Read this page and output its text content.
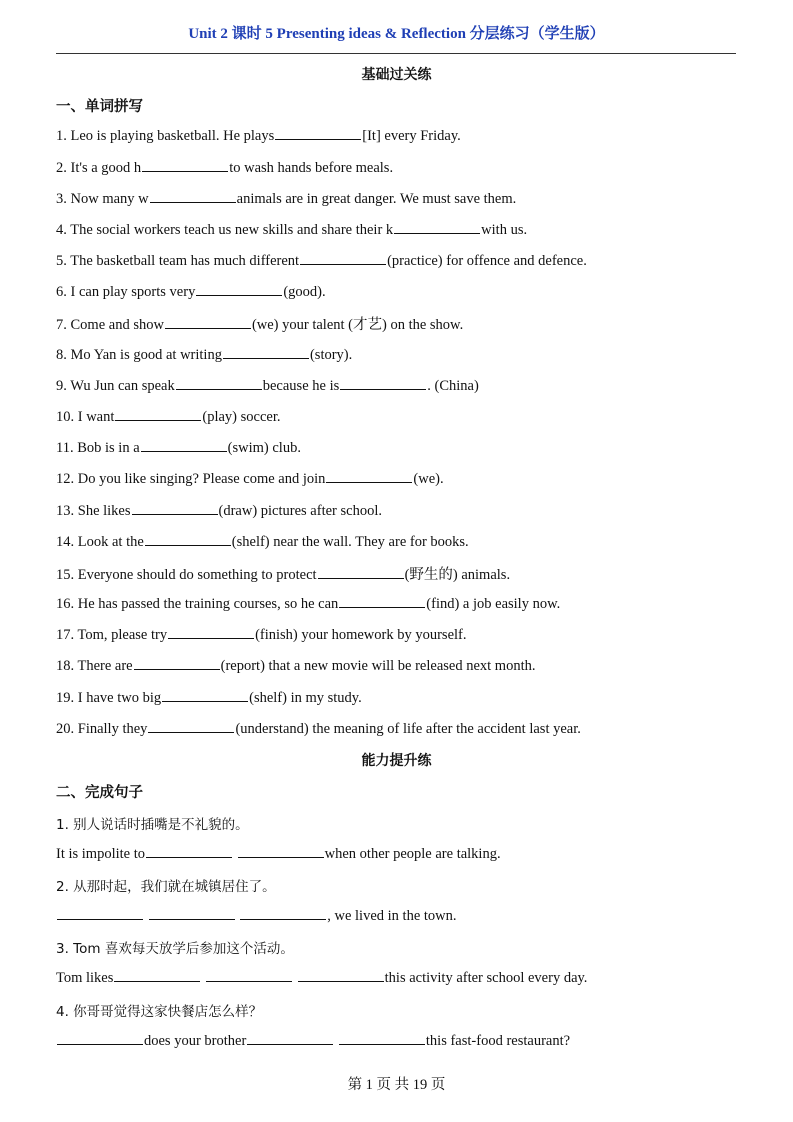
Unit 2 课时 5 Presenting ideas & Reflection 分层练习（学生版）
基础过关练
一、单词拼写
1. Leo is playing basketball. He plays	[It] every Friday.
2. It's a good h	to wash hands before meals.
3. Now many w	animals are in great danger. We must save them.
4. The social workers teach us new skills and share their k	with us.
5. The basketball team has much different	(practice) for offence and defence.
6. I can play sports very	(good).
7. Come and show	(we) your talent (才艺) on the show.
8. Mo Yan is good at writing	(story).
9. Wu Jun can speak	because he is	. (China)
10. I want	(play) soccer.
11. Bob is in a	(swim) club.
12. Do you like singing? Please come and join	(we).
13. She likes	(draw) pictures after school.
14. Look at the	(shelf) near the wall. They are for books.
15. Everyone should do something to protect	(野生的) animals.
16. He has passed the training courses, so he can	(find) a job easily now.
17. Tom, please try	(finish) your homework by yourself.
18. There are	(report) that a new movie will be released next month.
19. I have two big	(shelf) in my study.
20. Finally they	(understand) the meaning of life after the accident last year.
能力提升练
二、完成句子
1. 别人说话时插嘴是不礼貌的。
It is impolite to	when other people are talking.
2. 从那时起，我们就在城镇居住了。
, we lived in the town.
3. Tom 喜欢每天放学后参加这个活动。
Tom likes	this activity after school every day.
4. 你哥哥觉得这家快餐店怎么样？
does your brother	this fast-food restaurant?
第 1 页 共 19 页
